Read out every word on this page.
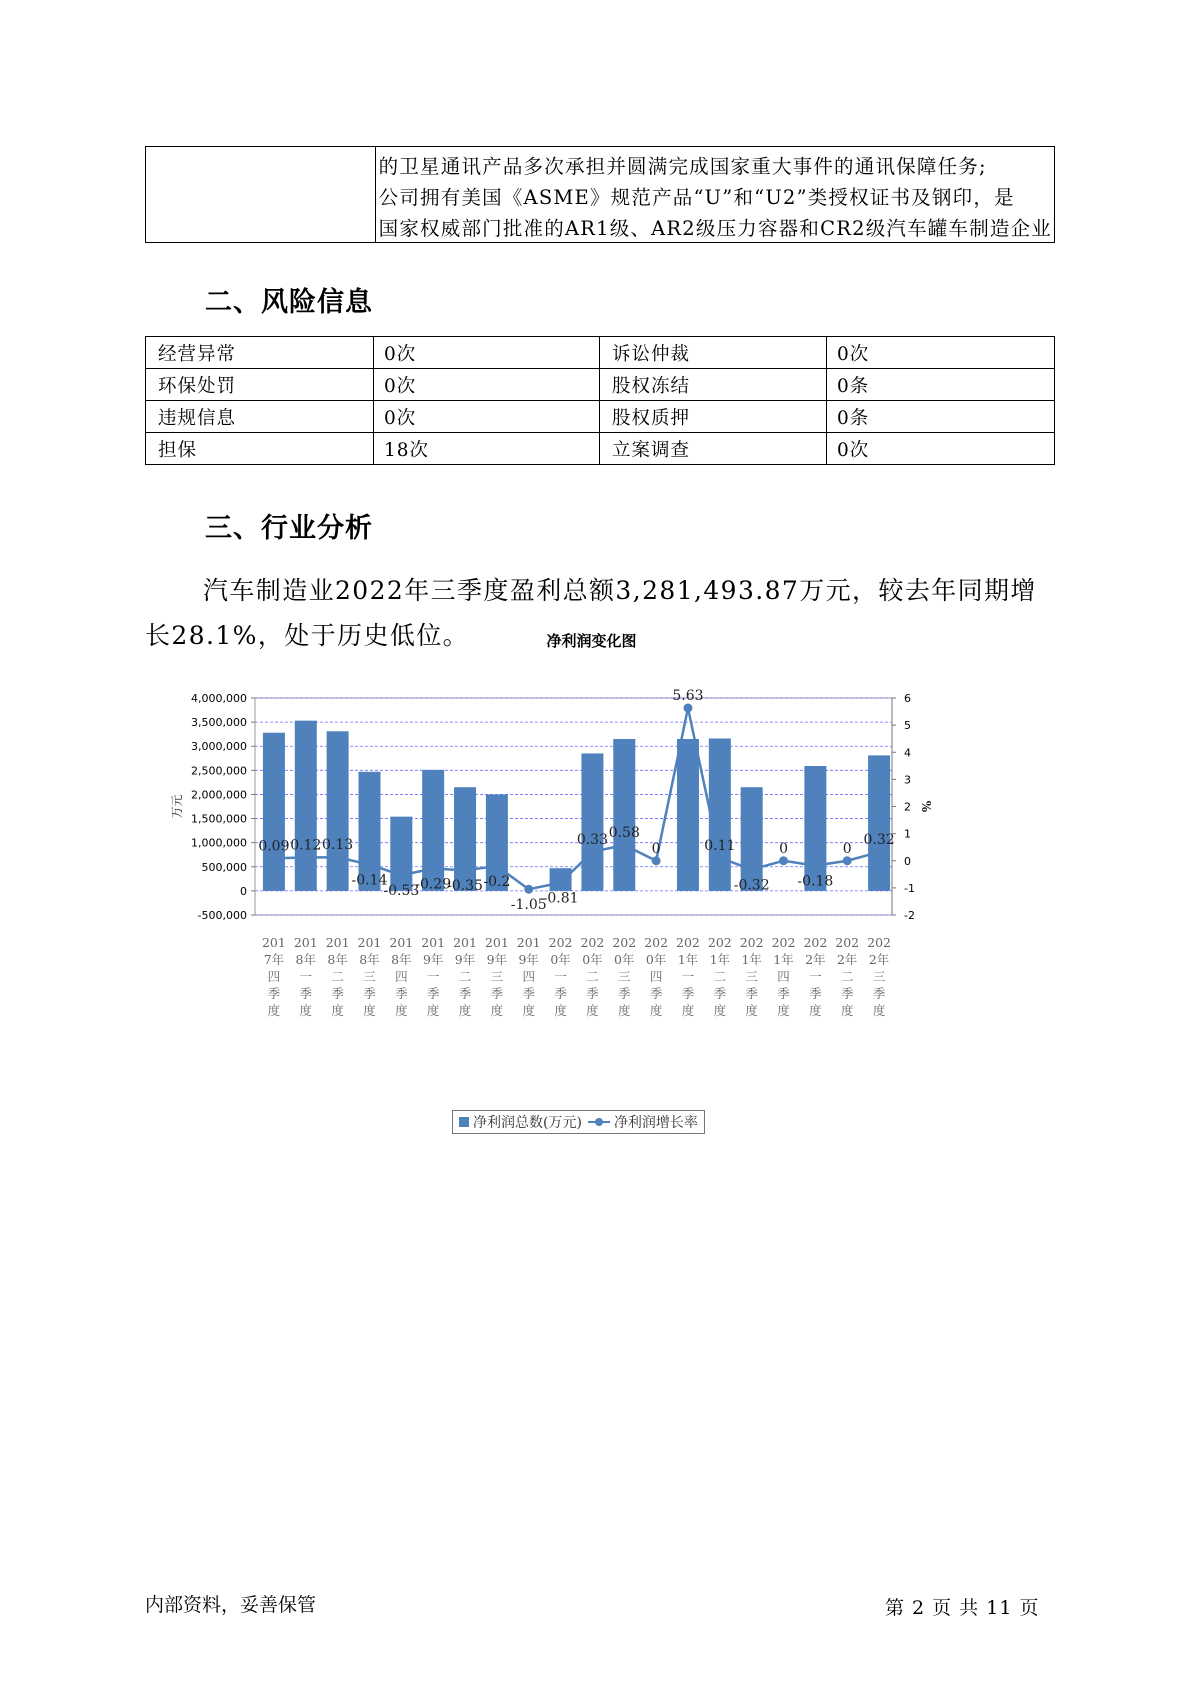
的卫星通讯产品多次承担并圆满完成国家重大事件的通讯保障任务;
公司拥有美国《ASME》规范产品“U”和“U2”类授权证书及钢印，是
国家权威部门批准的AR1级、AR2级压力容器和CR2级汽车罐车制造企业
二、风险信息
经营异常	0次	诉讼仲裁	0次
环保处罚	0次	股权冻结	0条
违规信息	0次	股权质押	0条
担保	18次	立案调查	0次
三、行业分析

汽车制造业2022年三季度盈利总额3,281,493.87万元，较去年同期增长28.1%，处于历史低位。	净利润变化图
4,000,000
3,500,000
3,000,000
2,500,000
2,000,000
1,500,000
1,000,000
500,000
0
-500,000
6
5
4
3
2
1
0
-1
-2
万元	%
0.09 0.12 0.13
-0.14
-0.53
-0.29
-0.35 -0.2
-1.05
-0.81
0.33 0.58
0
5.63
0.11
-0.32
0
-0.18
0
0.32
201
7年
四
季
度
201
8年
一
季
度
201
8年
二
季
度
201
8年
三
季
度
201
8年
四
季
度
201
9年
一
季
度
201
9年
二
季
度
201
9年
三
季
度
201
9年
四
季
度
202
0年
一
季
度
202
0年
二
季
度
202
0年
三
季
度
202
0年
四
季
度
202
1年
一
季
度
202
1年
二
季
度
202
1年
三
季
度
202
1年
四
季
度
202
2年
一
季
度
202
2年
二
季
度
202
2年
三
季
度
净利润总数(万元)	净利润增长率
内部资料，妥善保管	第 2 页 共 11 页
